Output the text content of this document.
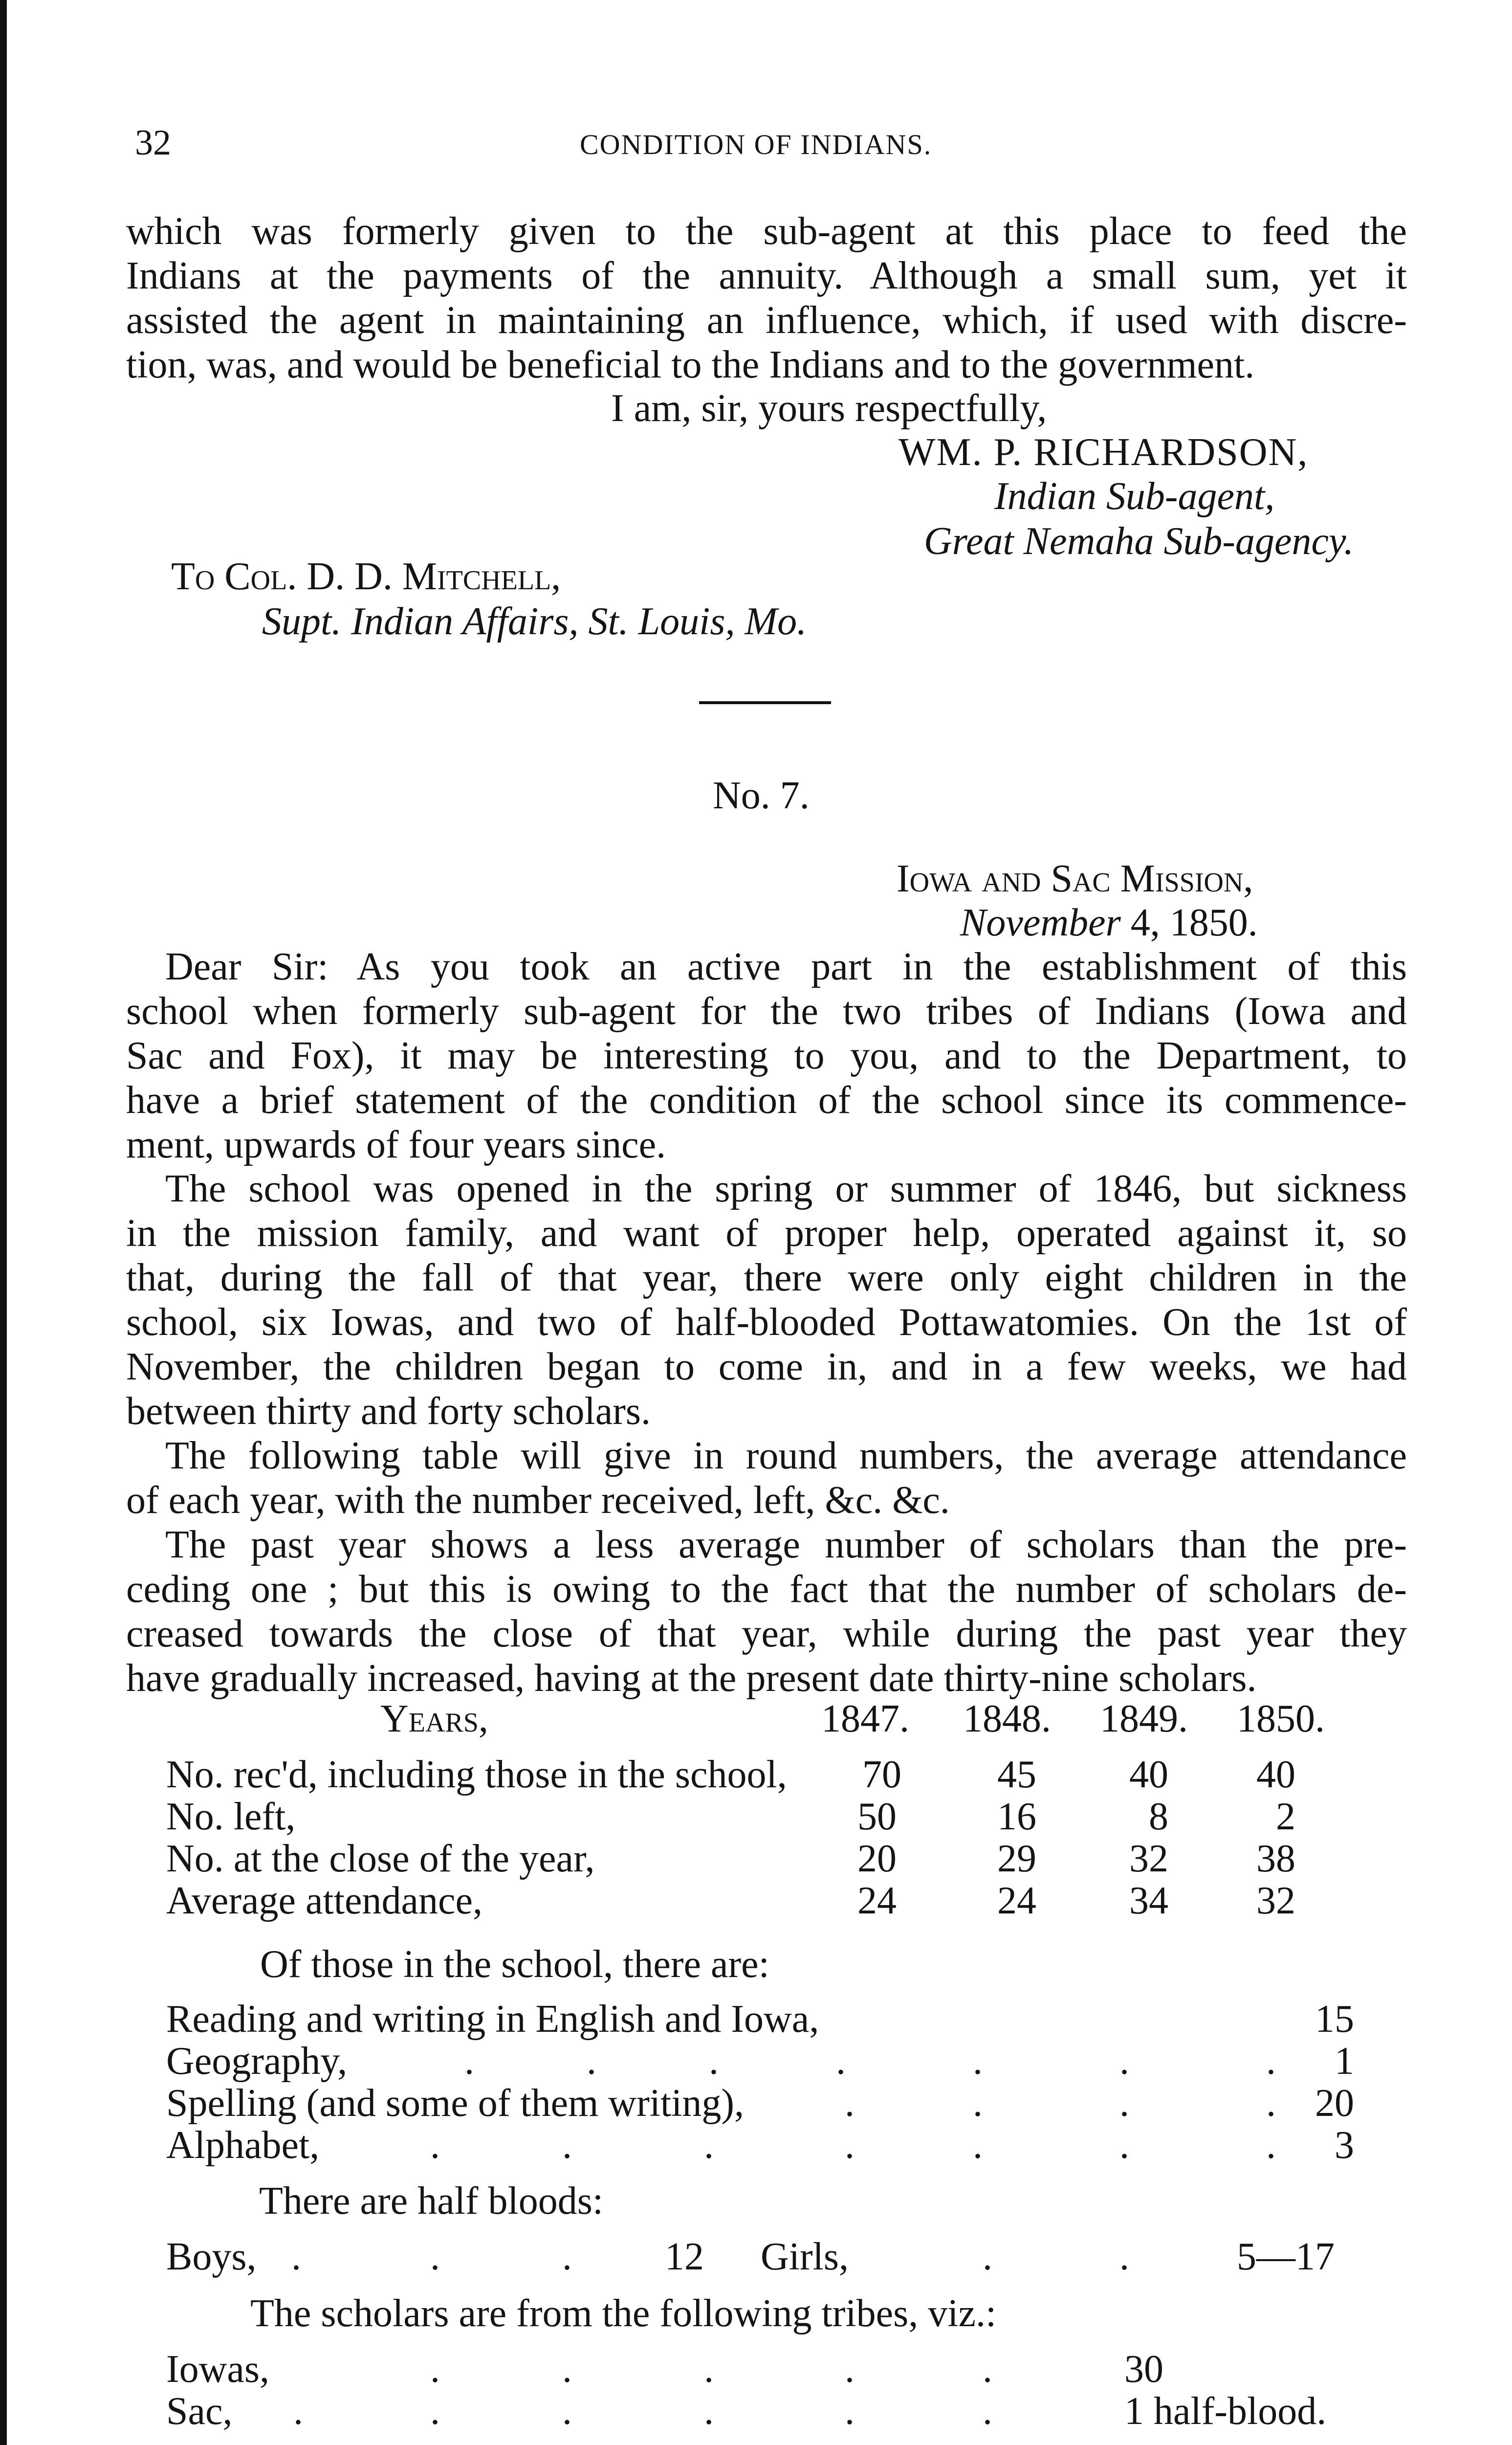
32	CONDITION OF INDIANS.
which was formerly given to the sub-agent at this place to feed the
Indians at the payments of the annuity. Although a small sum, yet it
assisted the agent in maintaining an influence, which, if used with discre-
tion, was, and would be beneficial to the Indians and to the government.
I am, sir, yours respectfully,
WM. P. RICHARDSON,
Indian Sub-agent,
Great Nemaha Sub-agency.
To Col. D. D. Mitchell,
Supt. Indian Affairs, St. Louis, Mo.
No. 7.
Iowa and Sac Mission,
November 4, 1850.
Dear Sir: As you took an active part in the establishment of this
school when formerly sub-agent for the two tribes of Indians (Iowa and
Sac and Fox), it may be interesting to you, and to the Department, to
have a brief statement of the condition of the school since its commence-
ment, upwards of four years since.
The school was opened in the spring or summer of 1846, but sickness
in the mission family, and want of proper help, operated against it, so
that, during the fall of that year, there were only eight children in the
school, six Iowas, and two of half-blooded Pottawatomies. On the 1st of
November, the children began to come in, and in a few weeks, we had
between thirty and forty scholars.
The following table will give in round numbers, the average attendance
of each year, with the number received, left, &c. &c.
The past year shows a less average number of scholars than the pre-
ceding one ; but this is owing to the fact that the number of scholars de-
creased towards the close of that year, while during the past year they
have gradually increased, having at the present date thirty-nine scholars.
Years,	1847. 1848. 1849. 1850.
No. rec'd, including those in the school, 70	45	40	40
No. left,	50	16	8	2
No. at the close of the year,	20	29	32	38
Average attendance,	24	24	34	32
Of those in the school, there are:
Reading and writing in English and Iowa,	15
Geography,	.	.	.	.	.	.	.	1
Spelling (and some of them writing),	.	.	.	.	20
Alphabet,	.	.	.	.	.	.	.	3
There are half bloods:
Boys, .	.	. 12 Girls,	.	.	5—17
The scholars are from the following tribes, viz.:
Iowas,	.	.	.	.	.	30
Sac, .	.	.	.	.	.	1 half-blood.
